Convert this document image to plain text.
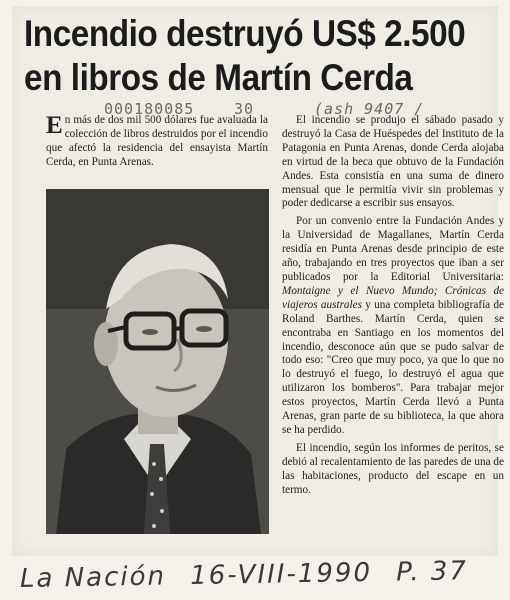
Incendio destruyó US$ 2.500
en libros de Martín Cerda
000180085	30	(ash 9407 /

En más de dos mil 500 dólares fue avaluada la colección de libros destruidos por el incendio que afectó la residencia del ensayista Martín Cerda, en Punta Arenas.

El incendio se produjo el sábado pasado y destruyó la Casa de Huéspedes del Instituto de la Patagonia en Punta Arenas, donde Cerda alojaba en virtud de la beca que obtuvo de la Fundación Andes. Esta consistía en una suma de dinero mensual que le permitía vivir sin problemas y poder dedicarse a escribir sus ensayos.

Por un convenio entre la Fundación Andes y la Universidad de Magallanes, Martín Cerda residía en Punta Arenas desde principio de este año, trabajando en tres proyectos que iban a ser publicados por la Editorial Universitaria: Montaigne y el Nuevo Mundo; Crónicas de viajeros australes y una completa bibliografía de Roland Barthes. Martín Cerda, quien se encontraba en Santiago en los momentos del incendio, desconoce aún que se pudo salvar de todo eso: "Creo que muy poco, ya que lo que no lo destruyó el fuego, lo destruyó el agua que utilizaron los bomberos". Para trabajar mejor estos proyectos, Martín Cerda llevó a Punta Arenas, gran parte de su biblioteca, la que ahora se ha perdido.

El incendio, según los informes de peritos, se debió al recalentamiento de las paredes de una de las habitaciones, producto del escape en un termo.

La Nación 16-VIII-1990 P. 37
